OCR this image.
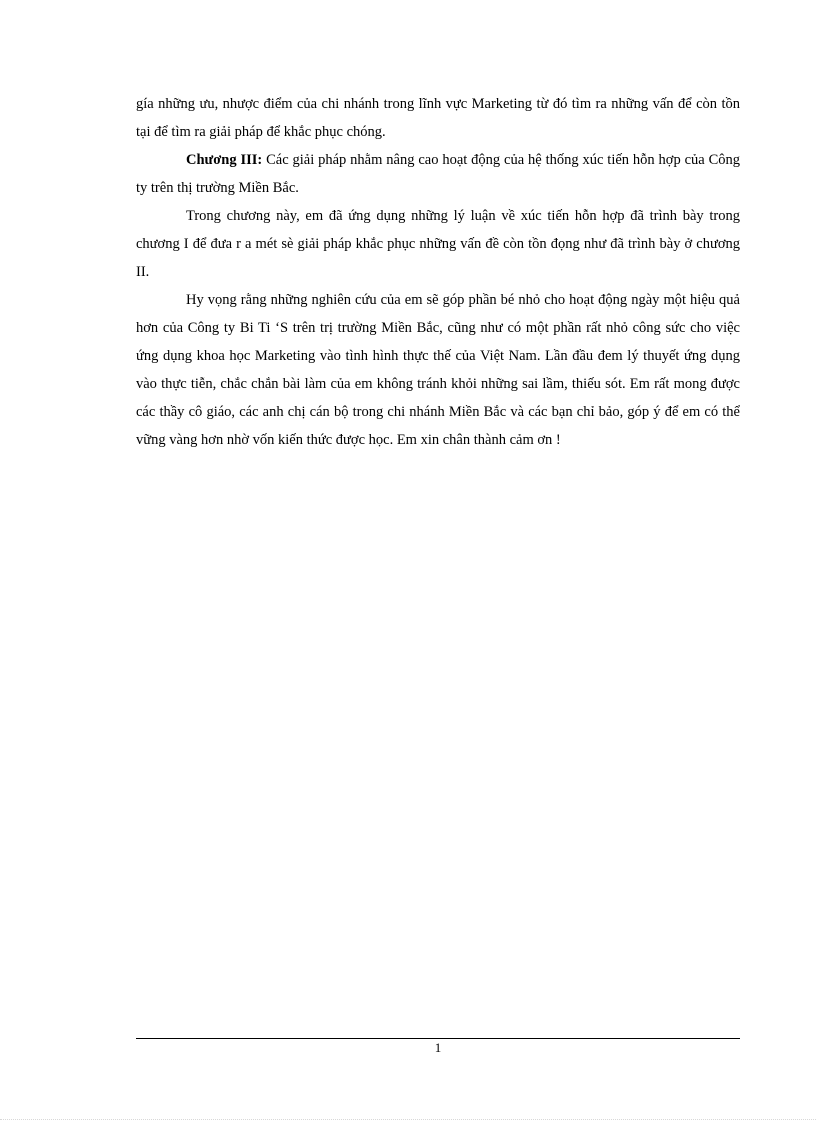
gía những ưu, nhược điểm của chi nhánh trong lĩnh vực Marketing từ đó tìm ra những vấn để còn tồn tại để tìm ra giải pháp để khắc phục chóng.

Chương III: Các giải pháp nhằm nâng cao hoạt động của hệ thống xúc tiến hỗn hợp của Công ty trên thị trường Miền Bắc.

Trong chương này, em đã ứng dụng những lý luận về xúc tiến hỗn hợp đã trình bày trong chương I để đưa r a mét sè giải pháp khắc phục những vấn đề còn tồn đọng như đã trình bày ở chương II.

Hy vọng rằng những nghiên cứu của em sẽ góp phần bé nhỏ cho hoạt động ngày một hiệu quả hơn của Công ty Bi Ti ‘S trên trị trường Miền Bắc, cũng như có một phần rất nhỏ công sức cho việc ứng dụng khoa học Marketing vào tình hình thực thế của Việt Nam. Lần đầu đem lý thuyết ứng dụng vào thực tiễn, chắc chắn bài làm của em không tránh khỏi những sai lầm, thiếu sót. Em rất mong được các thầy cô giáo, các anh chị cán bộ trong chi nhánh Miền Bắc và các bạn chỉ bảo, góp ý để em có thể vững vàng hơn nhờ vốn kiến thức được học. Em xin chân thành cảm ơn !

1
